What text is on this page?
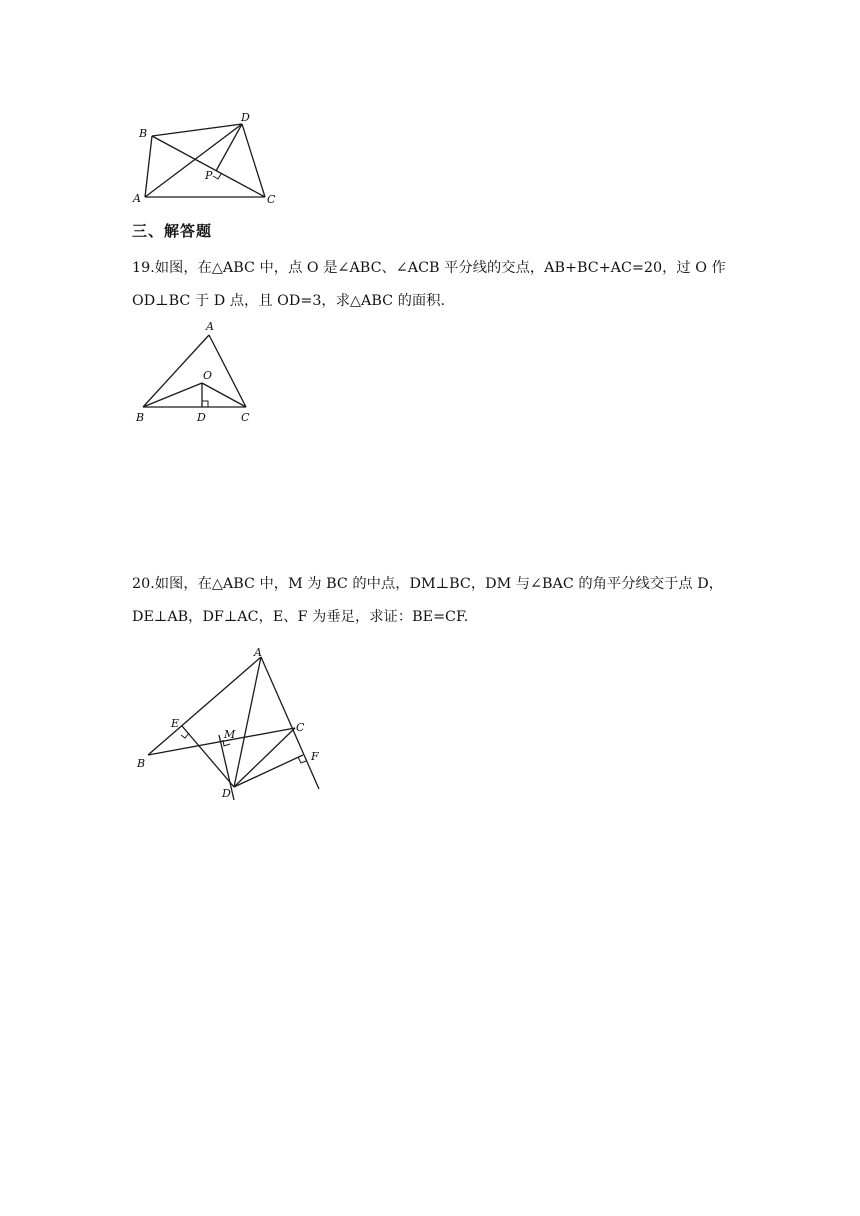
A
B
C
D
P
三、解答题

19.如图，在△ABC 中，点 O 是∠ABC、∠ACB 平分线的交点，AB+BC+AC=20，过 O 作

OD⊥BC 于 D 点，且 OD=3，求△ABC 的面积.

A
O
B	D	C

20.如图，在△ABC 中，M 为 BC 的中点，DM⊥BC，DM 与∠BAC 的角平分线交于点 D，

DE⊥AB，DF⊥AC，E、F 为垂足，求证：BE=CF.

A
E
M
C
F
B
D
